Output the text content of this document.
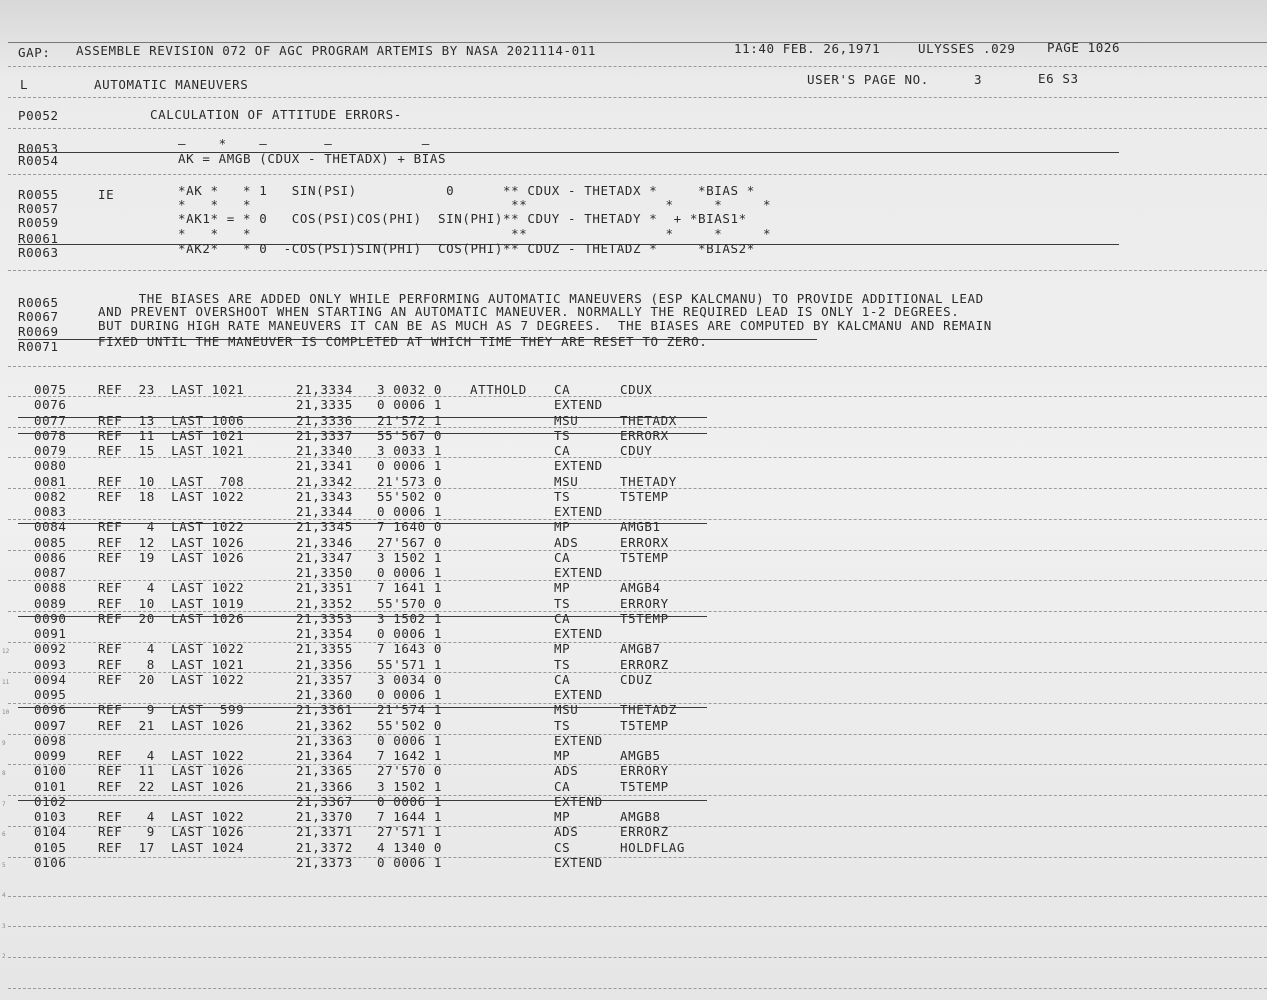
GAP: ASSEMBLE REVISION 072 OF AGC PROGRAM ARTEMIS BY NASA 2021114-011	11:40 FEB. 26,1971	ULYSSES .029	PAGE 1026
L	AUTOMATIC MANEUVERS	USER'S PAGE NO.	3	E6 S3
P0052	CALCULATION OF ATTITUDE ERRORS-
R0053	—    *    —       —           —
R0054	AK = AMGB (CDUX - THETADX) + BIAS
R0055	IE	*AK *   * 1   SIN(PSI)           0      ** CDUX - THETADX *     *BIAS *
R0057	*   *   *                                **                 *     *     *
R0059	*AK1* = * 0   COS(PSI)COS(PHI)  SIN(PHI)** CDUY - THETADY *  + *BIAS1*
R0061	*   *   *                                **                 *     *     *
R0063	*AK2*   * 0  -COS(PSI)SIN(PHI)  COS(PHI)** CDUZ - THETADZ *     *BIAS2*
R0065	THE BIASES ARE ADDED ONLY WHILE PERFORMING AUTOMATIC MANEUVERS (ESP KALCMANU) TO PROVIDE ADDITIONAL LEAD
R0067	AND PREVENT OVERSHOOT WHEN STARTING AN AUTOMATIC MANEUVER. NORMALLY THE REQUIRED LEAD IS ONLY 1-2 DEGREES.
R0069	BUT DURING HIGH RATE MANEUVERS IT CAN BE AS MUCH AS 7 DEGREES.  THE BIASES ARE COMPUTED BY KALCMANU AND REMAIN
R0071	FIXED UNTIL THE MANEUVER IS COMPLETED AT WHICH TIME THEY ARE RESET TO ZERO.
0075	REF  23  LAST 1021	21,3334 3 0032 0 ATTHOLD CA	CDUX
0076	21,3335 0 0006 1	EXTEND
0077	REF  13  LAST 1006	21,3336 21'572 1	MSU	THETADX
0078	REF  11  LAST 1021	21,3337 55'567 0	TS	ERRORX
0079	REF  15  LAST 1021	21,3340 3 0033 1	CA	CDUY
0080	21,3341 0 0006 1	EXTEND
0081	REF  10  LAST  708	21,3342 21'573 0	MSU	THETADY
0082	REF  18  LAST 1022	21,3343 55'502 0	TS	T5TEMP
0083	21,3344 0 0006 1	EXTEND
0084	REF   4  LAST 1022	21,3345 7 1640 0	MP	AMGB1
0085	REF  12  LAST 1026	21,3346 27'567 0	ADS	ERRORX
0086	REF  19  LAST 1026	21,3347 3 1502 1	CA	T5TEMP
0087	21,3350 0 0006 1	EXTEND
0088	REF   4  LAST 1022	21,3351 7 1641 1	MP	AMGB4
0089	REF  10  LAST 1019	21,3352 55'570 0	TS	ERRORY
0090	REF  20  LAST 1026	21,3353 3 1502 1	CA	T5TEMP
0091	21,3354 0 0006 1	EXTEND
0092	REF   4  LAST 1022	21,3355 7 1643 0	MP	AMGB7
0093	REF   8  LAST 1021	21,3356 55'571 1	TS	ERRORZ
0094	REF  20  LAST 1022	21,3357 3 0034 0	CA	CDUZ
0095	21,3360 0 0006 1	EXTEND
0096	REF   9  LAST  599	21,3361 21'574 1	MSU	THETADZ
0097	REF  21  LAST 1026	21,3362 55'502 0	TS	T5TEMP
0098	21,3363 0 0006 1	EXTEND
0099	REF   4  LAST 1022	21,3364 7 1642 1	MP	AMGB5
0100	REF  11  LAST 1026	21,3365 27'570 0	ADS	ERRORY
0101	REF  22  LAST 1026	21,3366 3 1502 1	CA	T5TEMP
0102	21,3367 0 0006 1	EXTEND
0103	REF   4  LAST 1022	21,3370 7 1644 1	MP	AMGB8
0104	REF   9  LAST 1026	21,3371 27'571 1	ADS	ERRORZ
0105	REF  17  LAST 1024	21,3372 4 1340 0	CS	HOLDFLAG
0106	21,3373 0 0006 1	EXTEND
12
11
10
9
8
7
6
5
4
3
2
